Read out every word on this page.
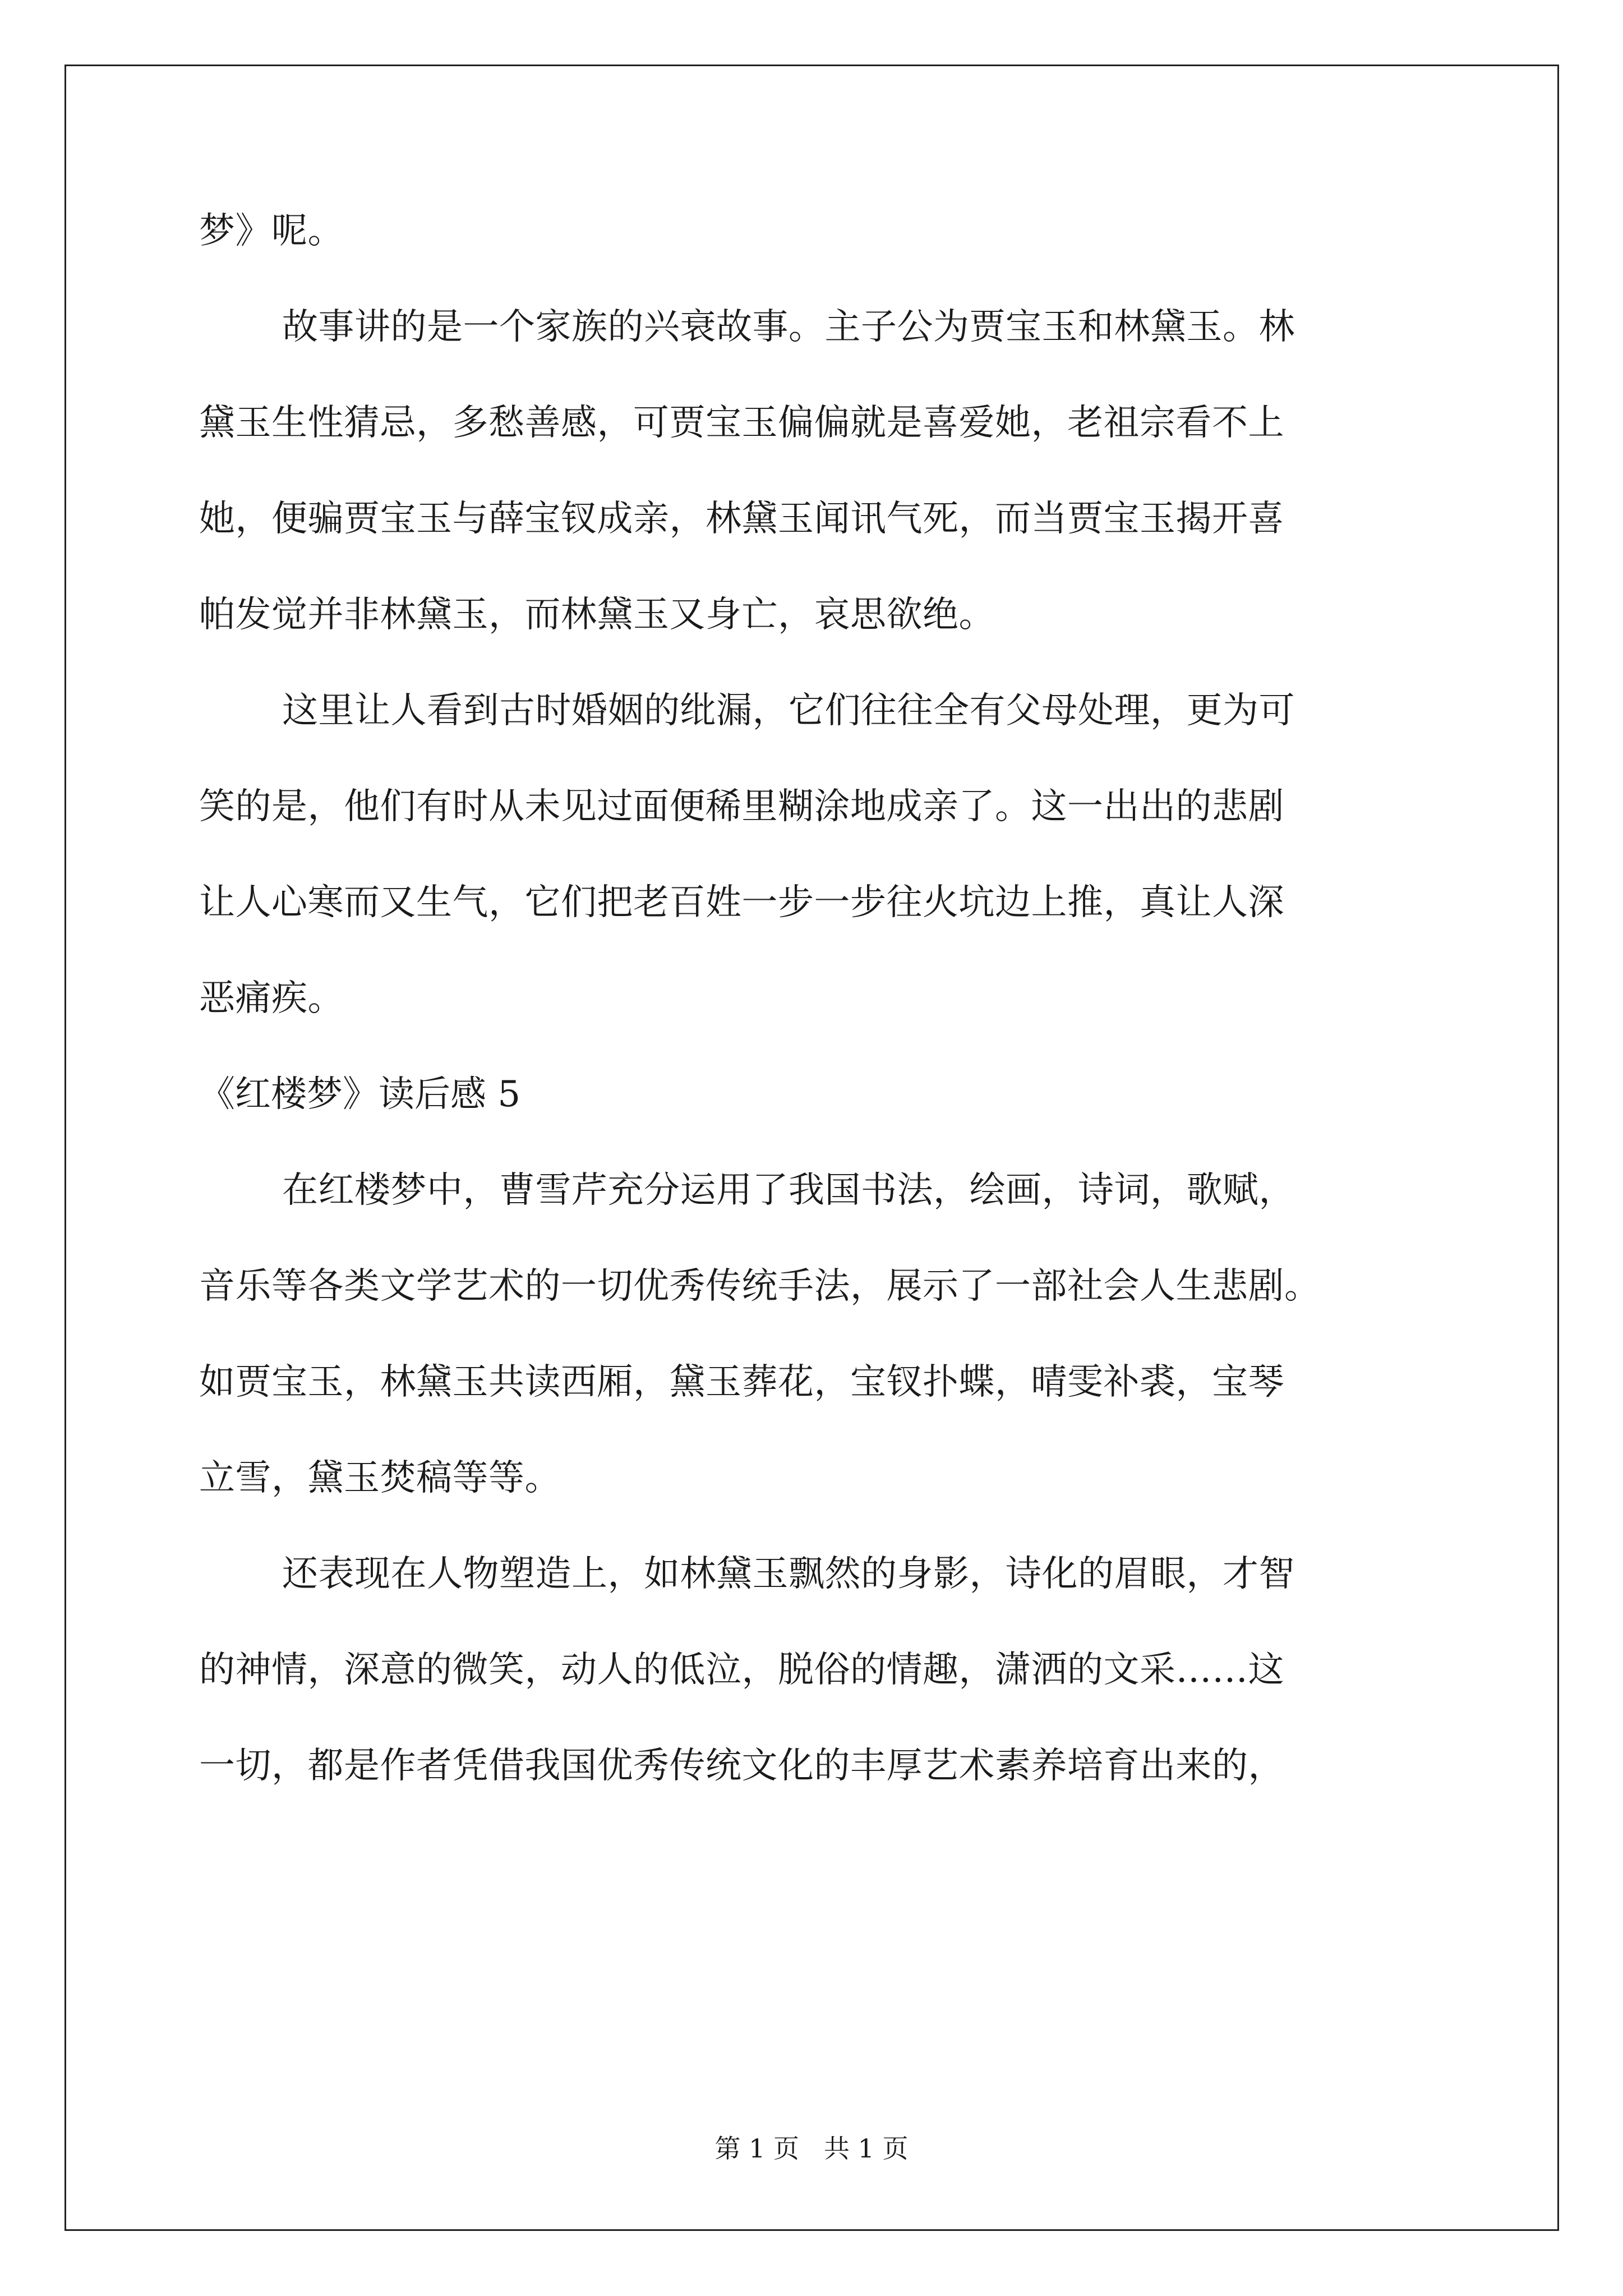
梦》呢。
故事讲的是一个家族的兴衰故事。主子公为贾宝玉和林黛玉。林
黛玉生性猜忌，多愁善感，可贾宝玉偏偏就是喜爱她，老祖宗看不上
她，便骗贾宝玉与薛宝钗成亲，林黛玉闻讯气死，而当贾宝玉揭开喜
帕发觉并非林黛玉，而林黛玉又身亡，哀思欲绝。
这里让人看到古时婚姻的纰漏，它们往往全有父母处理，更为可
笑的是，他们有时从未见过面便稀里糊涂地成亲了。这一出出的悲剧
让人心寒而又生气，它们把老百姓一步一步往火坑边上推，真让人深
恶痛疾。
《红楼梦》读后感 5
在红楼梦中，曹雪芹充分运用了我国书法，绘画，诗词，歌赋，
音乐等各类文学艺术的一切优秀传统手法，展示了一部社会人生悲剧。
如贾宝玉，林黛玉共读西厢，黛玉葬花，宝钗扑蝶，晴雯补裘，宝琴
立雪，黛玉焚稿等等。
还表现在人物塑造上，如林黛玉飘然的身影，诗化的眉眼，才智
的神情，深意的微笑，动人的低泣，脱俗的情趣，潇洒的文采……这
一切，都是作者凭借我国优秀传统文化的丰厚艺术素养培育出来的，
第 1 页 共 1 页
